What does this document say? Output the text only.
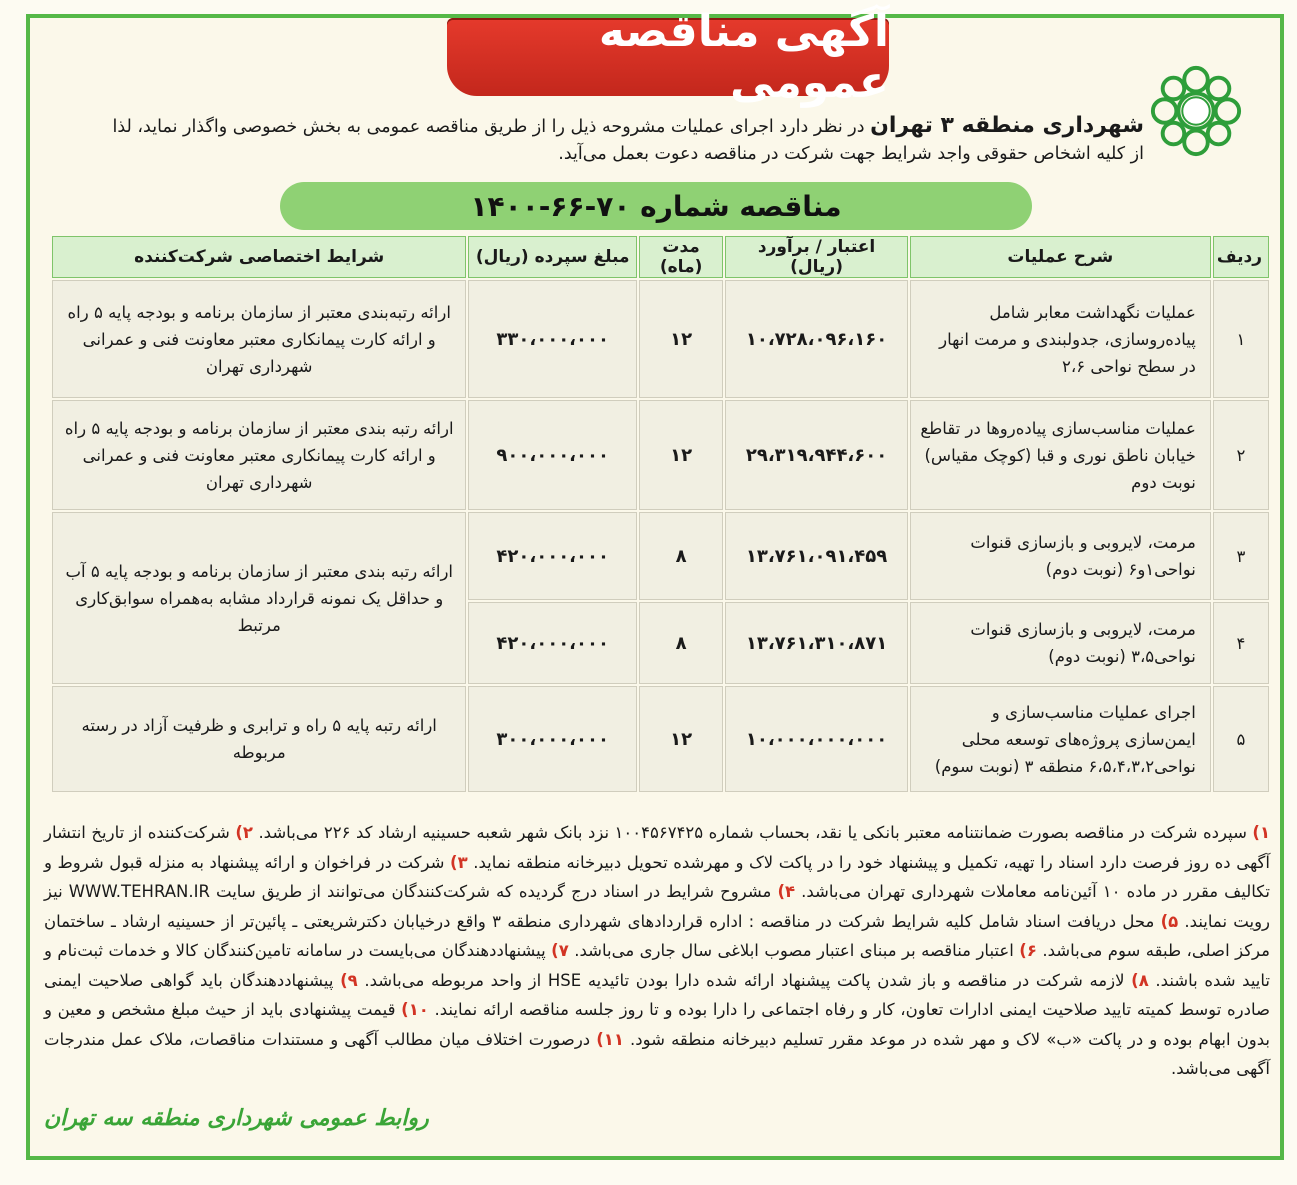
آگهی مناقصه عمومی
شهرداری منطقه ۳ تهران در نظر دارد اجرای عملیات مشروحه ذیل را از طریق مناقصه عمومی به بخش خصوصی واگذار نماید، لذا
از کلیه اشخاص حقوقی واجد شرایط جهت شرکت در مناقصه دعوت بعمل می‌آید.
مناقصه شماره ۷۰-۶۶-۱۴۰۰
ردیف	شرح عملیات	اعتبار / برآورد (ریال)	مدت (ماه)	مبلغ سپرده (ریال)	شرایط اختصاصی شرکت‌کننده
۱	عملیات نگهداشت معابر شامل پیاده‌روسازی، جدولبندی و مرمت انهار در سطح نواحی ۲،۶	۱۰،۷۲۸،۰۹۶،۱۶۰	۱۲	۳۳۰،۰۰۰،۰۰۰	ارائه رتبه‌بندی معتبر از سازمان برنامه و بودجه پایه ۵ راه و ارائه کارت پیمانکاری معتبر معاونت فنی و عمرانی شهرداری تهران
۲	عملیات مناسب‌سازی پیاده‌روها در تقاطع خیابان ناطق نوری و قبا (کوچک مقیاس) نوبت دوم	۲۹،۳۱۹،۹۴۴،۶۰۰	۱۲	۹۰۰،۰۰۰،۰۰۰	ارائه رتبه بندی معتبر از سازمان برنامه و بودجه پایه ۵ راه و ارائه کارت پیمانکاری معتبر معاونت فنی و عمرانی شهرداری تهران
۳	مرمت، لایروبی و بازسازی قنوات نواحی۱و۶ (نوبت دوم)	۱۳،۷۶۱،۰۹۱،۴۵۹	۸	۴۲۰،۰۰۰،۰۰۰	ارائه رتبه بندی معتبر از سازمان برنامه و بودجه پایه ۵ آب و حداقل یک نمونه قرارداد مشابه به‌همراه سوابق‌کاری مرتبط
۴	مرمت، لایروبی و بازسازی قنوات نواحی۳،۵ (نوبت دوم)	۱۳،۷۶۱،۳۱۰،۸۷۱	۸	۴۲۰،۰۰۰،۰۰۰	
۵	اجرای عملیات مناسب‌سازی و ایمن‌سازی پروژه‌های توسعه محلی نواحی۶،۵،۴،۳،۲ منطقه ۳ (نوبت سوم)	۱۰،۰۰۰،۰۰۰،۰۰۰	۱۲	۳۰۰،۰۰۰،۰۰۰	ارائه رتبه پایه ۵ راه و ترابری و ظرفیت آزاد در رسته مربوطه
۱) سپرده شرکت در مناقصه بصورت ضمانتنامه معتبر بانکی یا نقد، بحساب شماره ۱۰۰۴۵۶۷۴۲۵ نزد بانک شهر شعبه حسینیه ارشاد کد ۲۲۶ می‌باشد. ۲) شرکت‌کننده از تاریخ انتشار آگهی ده روز فرصت دارد اسناد را تهیه، تکمیل و پیشنهاد خود را در پاکت لاک و مهرشده تحویل دبیرخانه منطقه نماید. ۳) شرکت در فراخوان و ارائه پیشنهاد به منزله قبول شروط و تکالیف مقرر در ماده ۱۰ آئین‌نامه معاملات شهرداری تهران می‌باشد. ۴) مشروح شرایط در اسناد درج گردیده که شرکت‌کنندگان می‌توانند از طریق سایت WWW.TEHRAN.IR نیز رویت نمایند. ۵) محل دریافت اسناد شامل کلیه شرایط شرکت در مناقصه : اداره قراردادهای شهرداری منطقه ۳ واقع درخیابان دکترشریعتی ـ پائین‌تر از حسینیه ارشاد ـ ساختمان مرکز اصلی، طبقه سوم می‌باشد. ۶) اعتبار مناقصه بر مبنای اعتبار مصوب ابلاغی سال جاری می‌باشد. ۷) پیشنهاددهندگان می‌بایست در سامانه تامین‌کنندگان کالا و خدمات ثبت‌نام و تایید شده باشند. ۸) لازمه شرکت در مناقصه و باز شدن پاکت پیشنهاد ارائه شده دارا بودن تائیدیه HSE از واحد مربوطه می‌باشد. ۹) پیشنهاددهندگان باید گواهی صلاحیت ایمنی صادره توسط کمیته تایید صلاحیت ایمنی ادارات تعاون، کار و رفاه اجتماعی را دارا بوده و تا روز جلسه مناقصه ارائه نمایند. ۱۰) قیمت پیشنهادی باید از حیث مبلغ مشخص و معین و بدون ابهام بوده و در پاکت «ب» لاک و مهر شده در موعد مقرر تسلیم دبیرخانه منطقه شود. ۱۱) درصورت اختلاف میان مطالب آگهی و مستندات مناقصات، ملاک عمل مندرجات آگهی می‌باشد.
روابط عمومی شهرداری منطقه سه تهران
